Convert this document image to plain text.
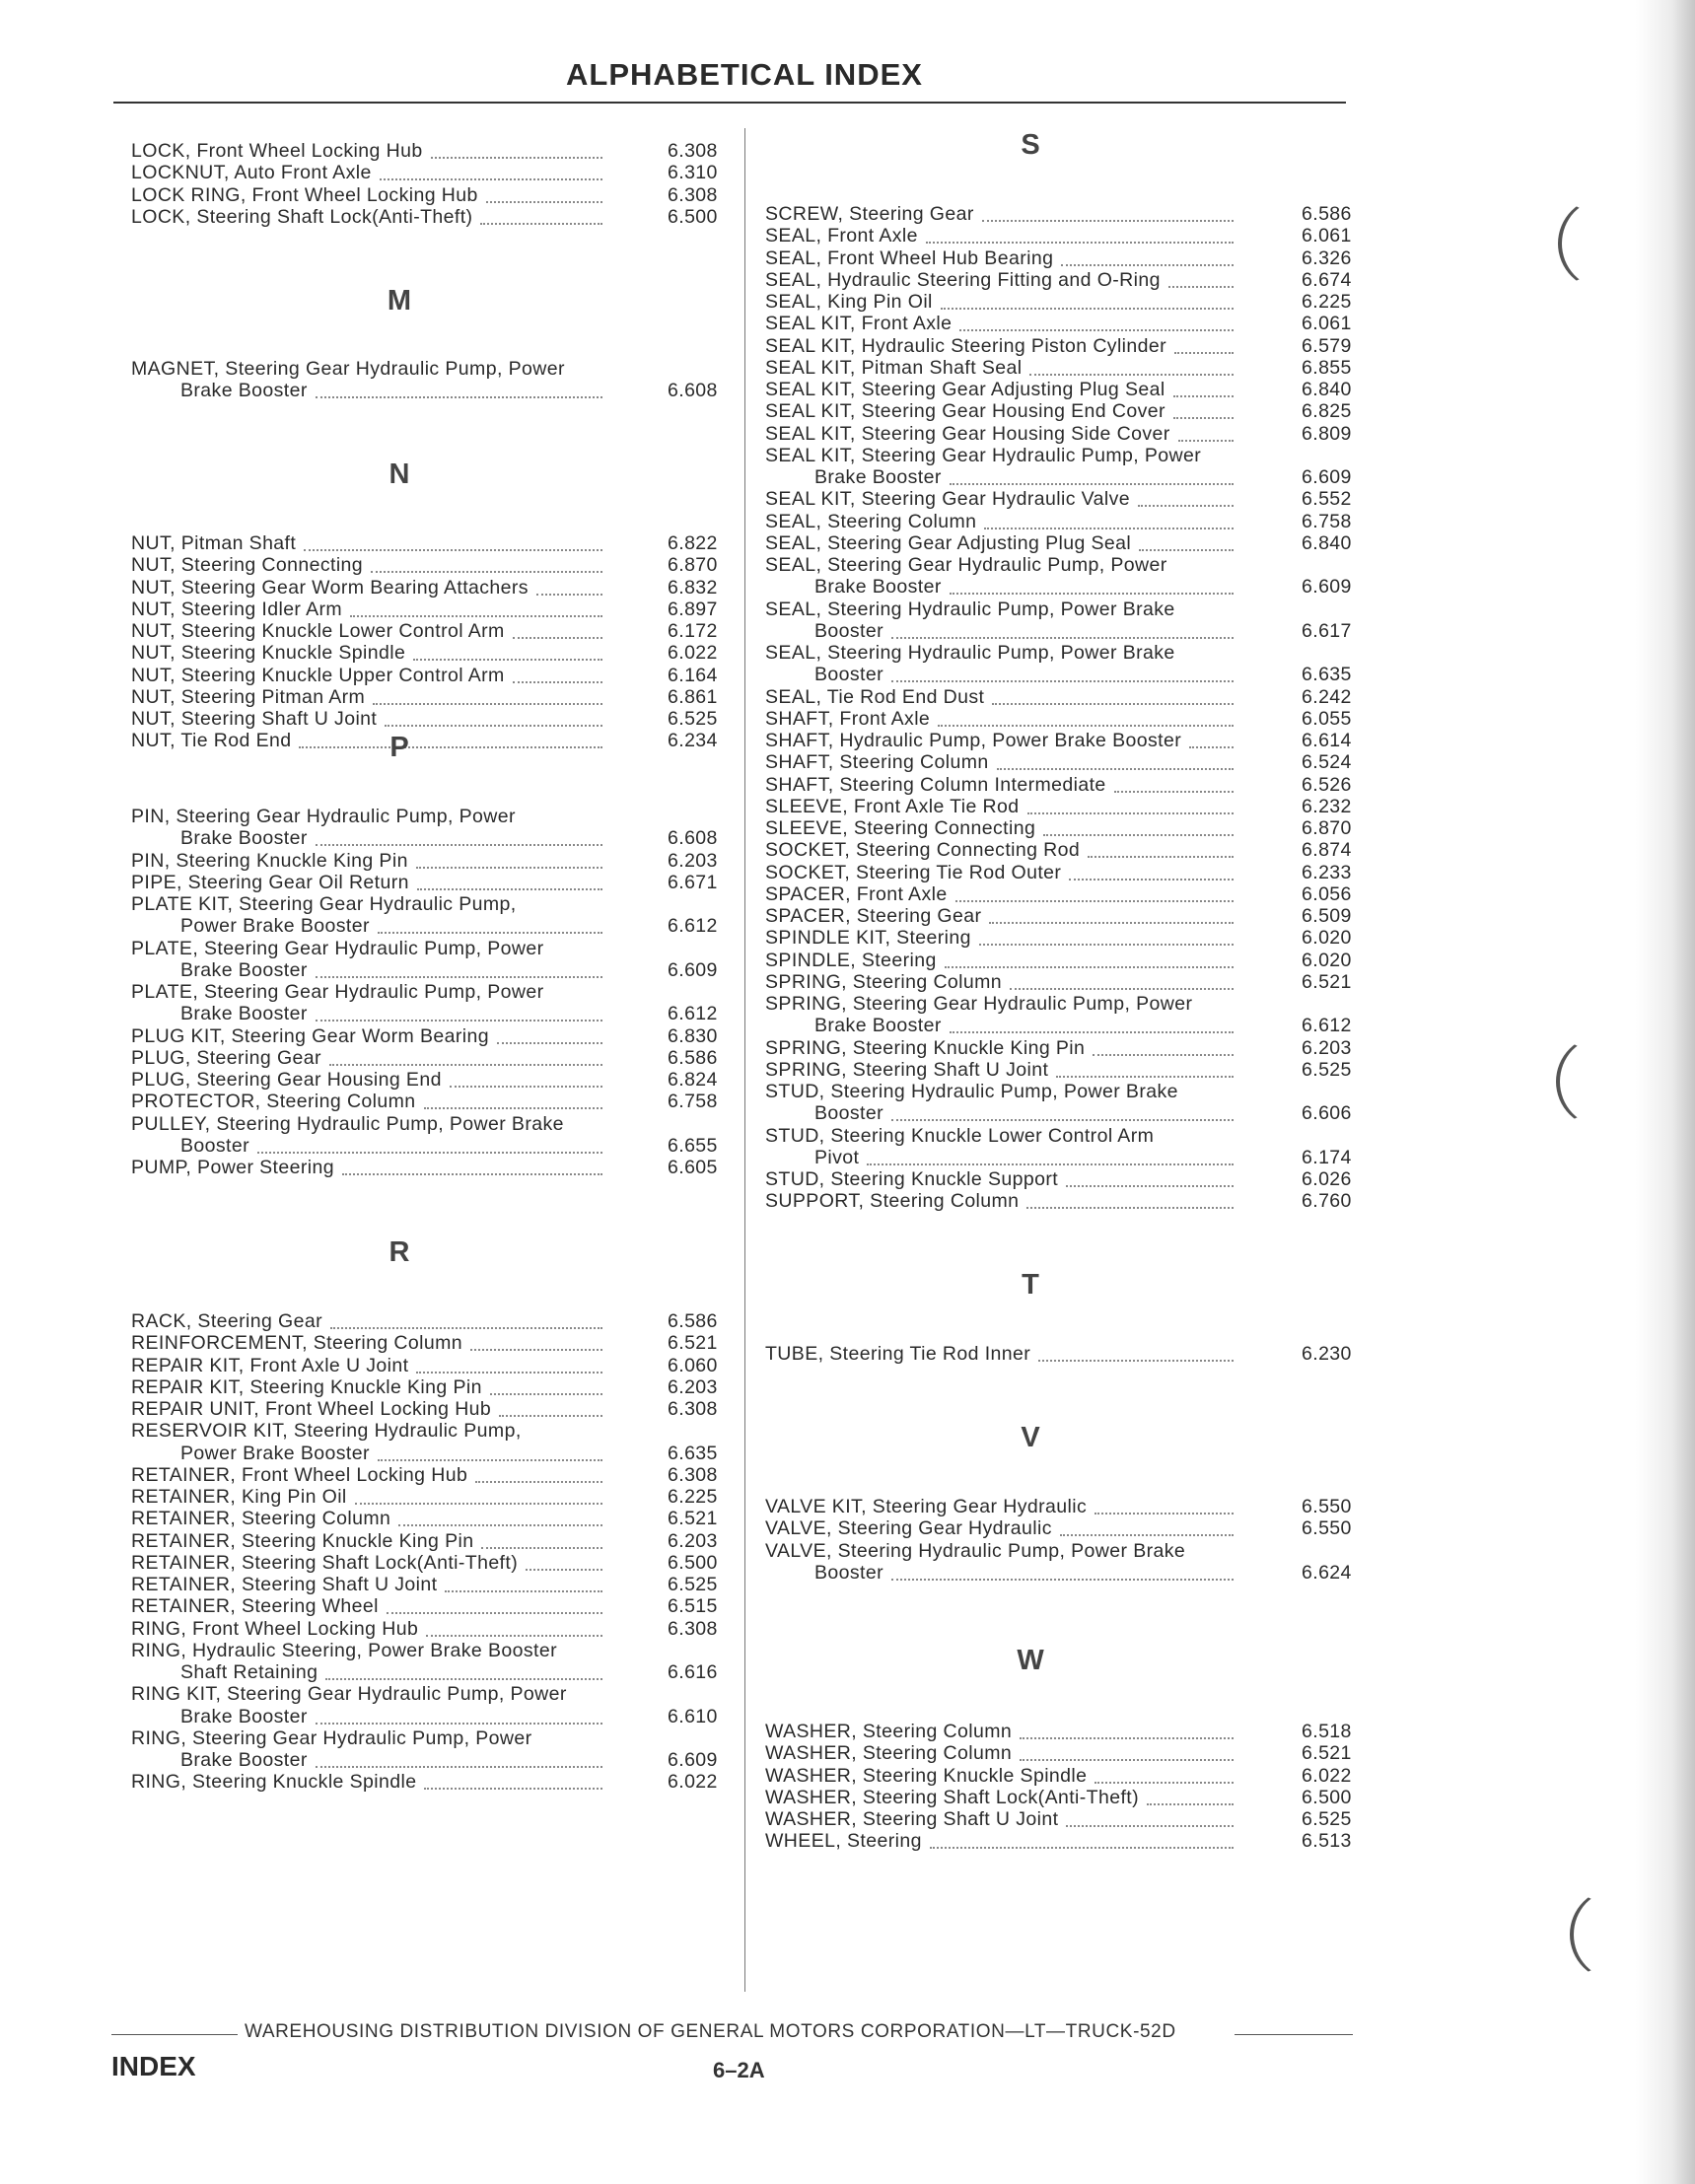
ALPHABETICAL INDEX
LOCK, Front Wheel Locking Hub	6.308
LOCKNUT, Auto Front Axle	6.310
LOCK RING, Front Wheel Locking Hub	6.308
LOCK, Steering Shaft Lock(Anti-Theft)	6.500
M
MAGNET, Steering Gear Hydraulic Pump, Power
Brake Booster	6.608
N
NUT, Pitman Shaft	6.822
NUT, Steering Connecting	6.870
NUT, Steering Gear Worm Bearing Attachers	6.832
NUT, Steering Idler Arm	6.897
NUT, Steering Knuckle Lower Control Arm	6.172
NUT, Steering Knuckle Spindle	6.022
NUT, Steering Knuckle Upper Control Arm	6.164
NUT, Steering Pitman Arm	6.861
NUT, Steering Shaft U Joint	6.525
NUT, Tie Rod End	6.234
P
PIN, Steering Gear Hydraulic Pump, Power
Brake Booster	6.608
PIN, Steering Knuckle King Pin	6.203
PIPE, Steering Gear Oil Return	6.671
PLATE KIT, Steering Gear Hydraulic Pump,
Power Brake Booster	6.612
PLATE, Steering Gear Hydraulic Pump, Power
Brake Booster	6.609
PLATE, Steering Gear Hydraulic Pump, Power
Brake Booster	6.612
PLUG KIT, Steering Gear Worm Bearing	6.830
PLUG, Steering Gear	6.586
PLUG, Steering Gear Housing End	6.824
PROTECTOR, Steering Column	6.758
PULLEY, Steering Hydraulic Pump, Power Brake
Booster	6.655
PUMP, Power Steering	6.605
R
RACK, Steering Gear	6.586
REINFORCEMENT, Steering Column	6.521
REPAIR KIT, Front Axle U Joint	6.060
REPAIR KIT, Steering Knuckle King Pin	6.203
REPAIR UNIT, Front Wheel Locking Hub	6.308
RESERVOIR KIT, Steering Hydraulic Pump,
Power Brake Booster	6.635
RETAINER, Front Wheel Locking Hub	6.308
RETAINER, King Pin Oil	6.225
RETAINER, Steering Column	6.521
RETAINER, Steering Knuckle King Pin	6.203
RETAINER, Steering Shaft Lock(Anti-Theft)	6.500
RETAINER, Steering Shaft U Joint	6.525
RETAINER, Steering Wheel	6.515
RING, Front Wheel Locking Hub	6.308
RING, Hydraulic Steering, Power Brake Booster
Shaft Retaining	6.616
RING KIT, Steering Gear Hydraulic Pump, Power
Brake Booster	6.610
RING, Steering Gear Hydraulic Pump, Power
Brake Booster	6.609
RING, Steering Knuckle Spindle	6.022
S
SCREW, Steering Gear	6.586
SEAL, Front Axle	6.061
SEAL, Front Wheel Hub Bearing	6.326
SEAL, Hydraulic Steering Fitting and O-Ring	6.674
SEAL, King Pin Oil	6.225
SEAL KIT, Front Axle	6.061
SEAL KIT, Hydraulic Steering Piston Cylinder	6.579
SEAL KIT, Pitman Shaft Seal	6.855
SEAL KIT, Steering Gear Adjusting Plug Seal	6.840
SEAL KIT, Steering Gear Housing End Cover	6.825
SEAL KIT, Steering Gear Housing Side Cover	6.809
SEAL KIT, Steering Gear Hydraulic Pump, Power
Brake Booster	6.609
SEAL KIT, Steering Gear Hydraulic Valve	6.552
SEAL, Steering Column	6.758
SEAL, Steering Gear Adjusting Plug Seal	6.840
SEAL, Steering Gear Hydraulic Pump, Power
Brake Booster	6.609
SEAL, Steering Hydraulic Pump, Power Brake
Booster	6.617
SEAL, Steering Hydraulic Pump, Power Brake
Booster	6.635
SEAL, Tie Rod End Dust	6.242
SHAFT, Front Axle	6.055
SHAFT, Hydraulic Pump, Power Brake Booster	6.614
SHAFT, Steering Column	6.524
SHAFT, Steering Column Intermediate	6.526
SLEEVE, Front Axle Tie Rod	6.232
SLEEVE, Steering Connecting	6.870
SOCKET, Steering Connecting Rod	6.874
SOCKET, Steering Tie Rod Outer	6.233
SPACER, Front Axle	6.056
SPACER, Steering Gear	6.509
SPINDLE KIT, Steering	6.020
SPINDLE, Steering	6.020
SPRING, Steering Column	6.521
SPRING, Steering Gear Hydraulic Pump, Power
Brake Booster	6.612
SPRING, Steering Knuckle King Pin	6.203
SPRING, Steering Shaft U Joint	6.525
STUD, Steering Hydraulic Pump, Power Brake
Booster	6.606
STUD, Steering Knuckle Lower Control Arm
Pivot	6.174
STUD, Steering Knuckle Support	6.026
SUPPORT, Steering Column	6.760
T
TUBE, Steering Tie Rod Inner	6.230
V
VALVE KIT, Steering Gear Hydraulic	6.550
VALVE, Steering Gear Hydraulic	6.550
VALVE, Steering Hydraulic Pump, Power Brake
Booster	6.624
W
WASHER, Steering Column	6.518
WASHER, Steering Column	6.521
WASHER, Steering Knuckle Spindle	6.022
WASHER, Steering Shaft Lock(Anti-Theft)	6.500
WASHER, Steering Shaft U Joint	6.525
WHEEL, Steering	6.513
WAREHOUSING DISTRIBUTION DIVISION OF GENERAL MOTORS CORPORATION—LT—TRUCK-52D
INDEX	6–2A
